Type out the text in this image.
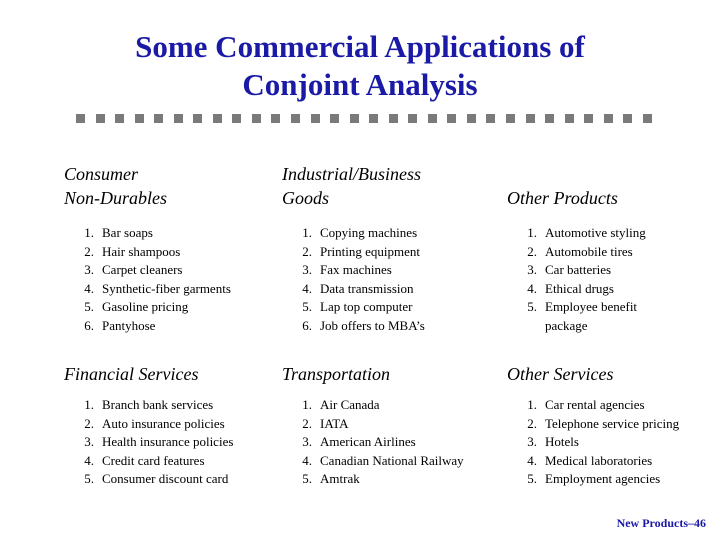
Some Commercial Applications of
Conjoint Analysis
Consumer
Non-Durables
1. Bar soaps
2. Hair shampoos
3. Carpet cleaners
4. Synthetic-fiber garments
5. Gasoline pricing
6. Pantyhose
Industrial/Business
Goods
1. Copying machines
2. Printing equipment
3. Fax machines
4. Data transmission
5. Lap top computer
6. Job offers to MBA’s
Other Products
1. Automotive styling
2. Automobile tires
3. Car batteries
4. Ethical drugs
5. Employee benefit package
Financial Services
1. Branch bank services
2. Auto insurance policies
3. Health insurance policies
4. Credit card features
5. Consumer discount card
Transportation
1. Air Canada
2. IATA
3. American Airlines
4. Canadian National Railway
5. Amtrak
Other Services
1. Car rental agencies
2. Telephone service pricing
3. Hotels
4. Medical laboratories
5. Employment agencies
New Products–46
